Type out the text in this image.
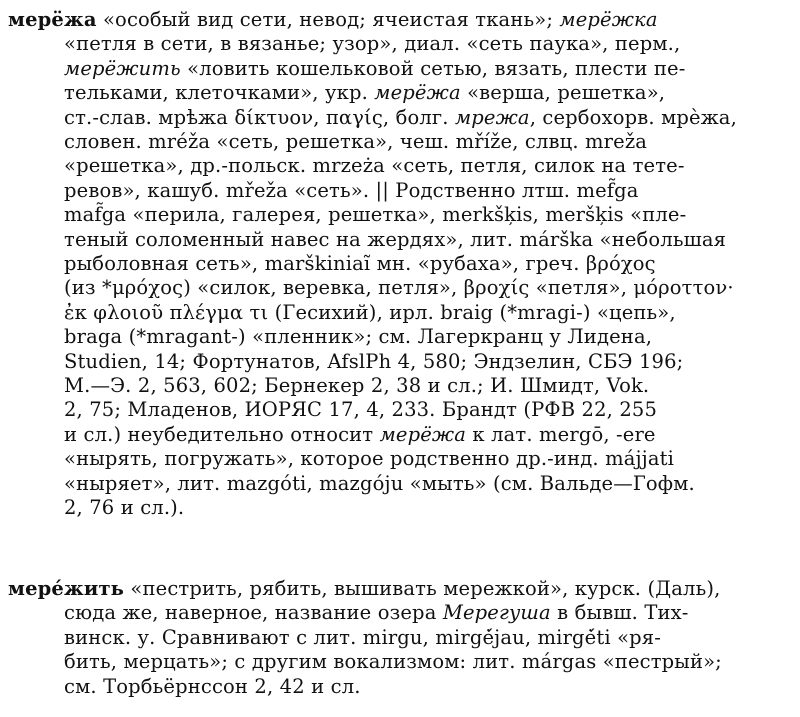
мерёжа «особый вид сети, невод; ячеистая ткань»; мерёжка
«петля в сети, в вязанье; узор», диал. «сеть паука», перм.,
мерёжить «ловить кошельковой сетью, вязать, плести пе-
тельками, клеточками», укр. мерёжа «верша, решетка»,
ст.-слав. мрѣжа δίκτυον, παγίς, болг. мрежа, сербохорв. мрѐжа,
словен. mréža «сеть, решетка», чеш. mříže, слвц. mreža
«решетка», др.-польск. mrzeża «сеть, петля, силок на тете-
ревов», кашуб. mřeža «сеть». || Родственно лтш. mef̃ga
maf̃ga «перила, галерея, решетка», merkšķis, meršķis «пле-
теный соломенный навес на жердях», лит. márška «небольшая
рыболовная сеть», marškiniaĩ мн. «рубаха», греч. βρόχος
(из *μρόχος) «силок, веревка, петля», βροχίς «петля», μόροττον·
ἐκ φλοιοῦ πλέγμα τι (Гесихий), ирл. braig (*mragi-) «цепь»,
braga (*mragant-) «пленник»; см. Лагеркранц у Лидена,
Studien, 14; Фортунатов, AfslPh 4, 580; Эндзелин, СБЭ 196;
М.—Э. 2, 563, 602; Бернекер 2, 38 и сл.; И. Шмидт, Vok.
2, 75; Младенов, ИОРЯС 17, 4, 233. Брандт (РФВ 22, 255
и сл.) неубедительно относит мерёжа к лат. mergō, -ere
«нырять, погружать», которое родственно др.-инд. májjati
«ныряет», лит. mazgóti, mazgóju «мыть» (см. Вальде—Гофм.
2, 76 и сл.).
мере́жить «пестрить, рябить, вышивать мережкой», курск. (Даль),
сюда же, наверное, название озера Мерегуша в бывш. Тих-
винск. у. Сравнивают с лит. mirgu, mirgė́jau, mirgė́ti «ря-
бить, мерцать»; с другим вокализмом: лит. márgas «пестрый»;
см. Торбьёрнссон 2, 42 и сл.
